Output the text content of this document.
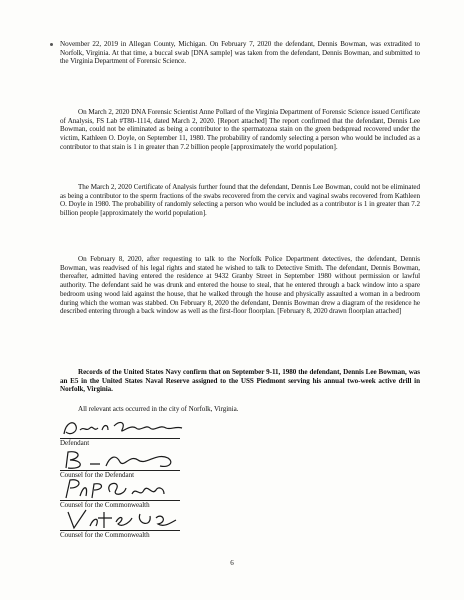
November 22, 2019 in Allegan County, Michigan. On February 7, 2020 the defendant, Dennis Bowman, was extradited to Norfolk, Virginia. At that time, a buccal swab [DNA sample] was taken from the defendant, Dennis Bowman, and submitted to the Virginia Department of Forensic Science.

On March 2, 2020 DNA Forensic Scientist Anne Pollard of the Virginia Department of Forensic Science issued Certificate of Analysis, FS Lab #T80-1114, dated March 2, 2020. [Report attached] The report confirmed that the defendant, Dennis Lee Bowman, could not be eliminated as being a contributor to the spermatozoa stain on the green bedspread recovered under the victim, Kathleen O. Doyle, on September 11, 1980. The probability of randomly selecting a person who would be included as a contributor to that stain is 1 in greater than 7.2 billion people [approximately the world population].

The March 2, 2020 Certificate of Analysis further found that the defendant, Dennis Lee Bowman, could not be eliminated as being a contributor to the sperm fractions of the swabs recovered from the cervix and vaginal swabs recovered from Kathleen O. Doyle in 1980. The probability of randomly selecting a person who would be included as a contributor is 1 in greater than 7.2 billion people [approximately the world population].

On February 8, 2020, after requesting to talk to the Norfolk Police Department detectives, the defendant, Dennis Bowman, was readvised of his legal rights and stated he wished to talk to Detective Smith. The defendant, Dennis Bowman, thereafter, admitted having entered the residence at 9432 Granby Street in September 1980 without permission or lawful authority. The defendant said he was drunk and entered the house to steal, that he entered through a back window into a spare bedroom using wood laid against the house, that he walked through the house and physically assaulted a woman in a bedroom during which the woman was stabbed. On February 8, 2020 the defendant, Dennis Bowman drew a diagram of the residence he described entering through a back window as well as the first-floor floorplan. [February 8, 2020 drawn floorplan attached]

Records of the United States Navy confirm that on September 9-11, 1980 the defendant, Dennis Lee Bowman, was an E5 in the United States Naval Reserve assigned to the USS Piedmont serving his annual two-week active drill in Norfolk, Virginia.

All relevant acts occurred in the city of Norfolk, Virginia.

Defendant
Counsel for the Defendant
Counsel for the Commonwealth
Counsel for the Commonwealth
6
